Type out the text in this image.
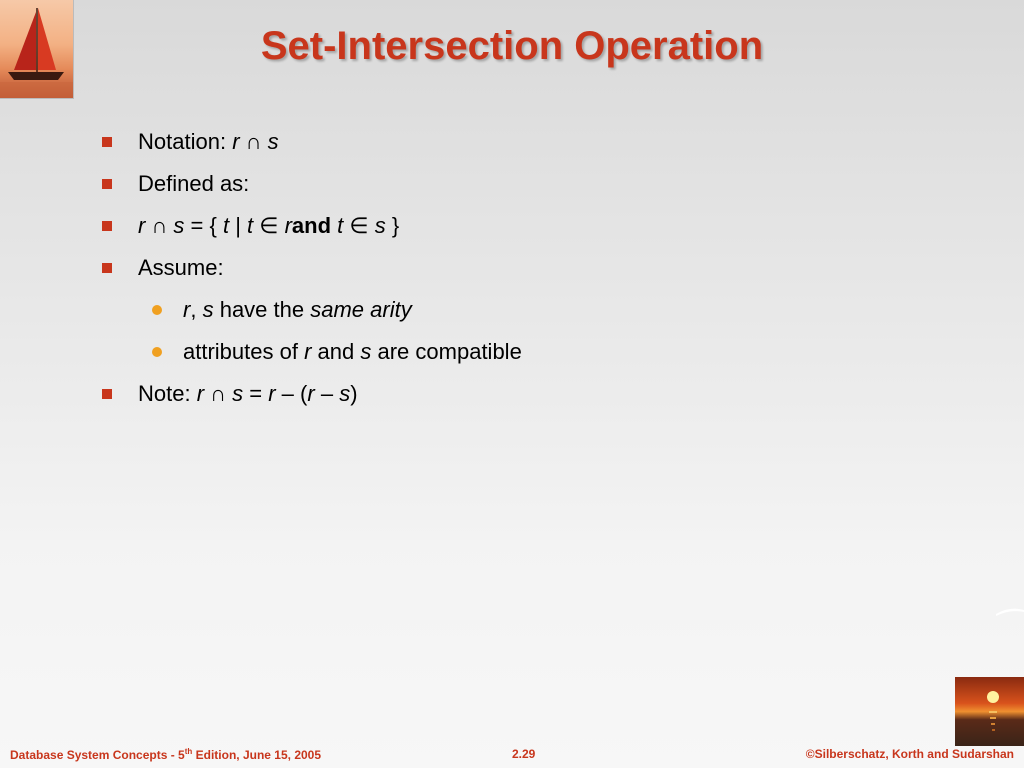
Set-Intersection Operation
Notation: r ∩ s
Defined as:
r ∩ s = { t | t ∈ rand t ∈ s }
Assume:
r, s have the same arity
attributes of r and s are compatible
Note: r ∩ s = r – (r – s)
Database System Concepts - 5th Edition, June 15, 2005	2.29	©Silberschatz, Korth and Sudarshan
